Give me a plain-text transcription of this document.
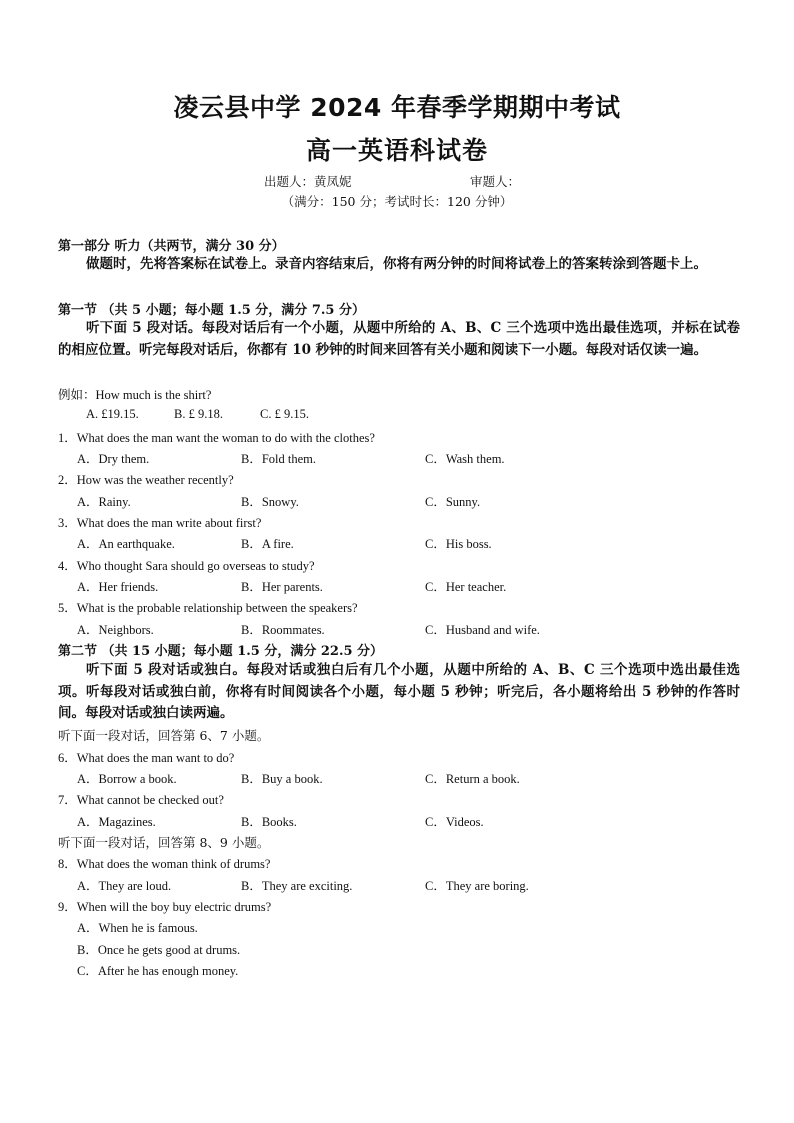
凌云县中学 2024 年春季学期期中考试
高一英语科试卷
出题人：黄凤妮	审题人：
（满分：150 分；考试时长：120 分钟）
第一部分 听力（共两节，满分 30 分）
做题时，先将答案标在试卷上。录音内容结束后，你将有两分钟的时间将试卷上的答案转涂到答题卡上。
第一节 （共 5 小题；每小题 1.5 分，满分 7.5 分）
听下面 5 段对话。每段对话后有一个小题，从题中所给的 A、B、C 三个选项中选出最佳选项，并标在试卷的相应位置。听完每段对话后，你都有 10 秒钟的时间来回答有关小题和阅读下一小题。每段对话仅读一遍。
例如：How much is the shirt?
A. £19.15.	B. £ 9.18.	C. £ 9.15.
1．What does the man want the woman to do with the clothes?
A．Dry them.	B．Fold them.	C．Wash them.
2．How was the weather recently?
A．Rainy.	B．Snowy.	C．Sunny.
3．What does the man write about first?
A．An earthquake.	B．A fire.	C．His boss.
4．Who thought Sara should go overseas to study?
A．Her friends.	B．Her parents.	C．Her teacher.
5．What is the probable relationship between the speakers?
A．Neighbors.	B．Roommates.	C．Husband and wife.
第二节 （共 15 小题；每小题 1.5 分，满分 22.5 分）
听下面 5 段对话或独白。每段对话或独白后有几个小题，从题中所给的 A、B、C 三个选项中选出最佳选项。听每段对话或独白前，你将有时间阅读各个小题，每小题 5 秒钟；听完后，各小题将给出 5 秒钟的作答时间。每段对话或独白读两遍。
听下面一段对话，回答第 6、7 小题。
6．What does the man want to do?
A．Borrow a book.	B．Buy a book.	C．Return a book.
7．What cannot be checked out?
A．Magazines.	B．Books.	C．Videos.
听下面一段对话，回答第 8、9 小题。
8．What does the woman think of drums?
A．They are loud.	B．They are exciting.	C．They are boring.
9．When will the boy buy electric drums?
A．When he is famous.
B．Once he gets good at drums.
C．After he has enough money.
